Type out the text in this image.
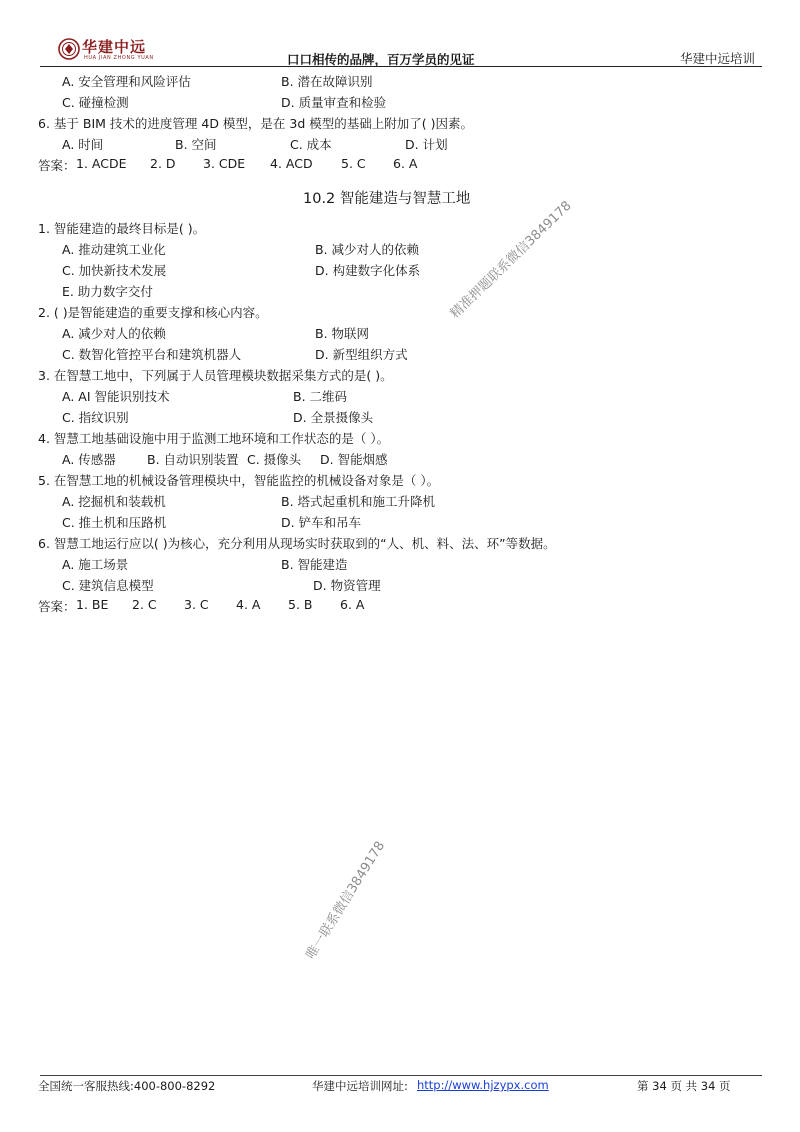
华建中远
HUA JIAN ZHONG YUAN	口口相传的品牌，百万学员的见证	华建中远培训
A. 安全管理和风险评估	B. 潜在故障识别
C. 碰撞检测	D. 质量审查和检验
6. 基于 BIM 技术的进度管理 4D 模型，是在 3d 模型的基础上附加了( )因素。
A. 时间	B. 空间	C. 成本	D. 计划
答案： 1. ACDE 2. D 3. CDE 4. ACD 5. C 6. A
10.2 智能建造与智慧工地
1. 智能建造的最终目标是( )。
A. 推动建筑工业化	B. 减少对人的依赖
C. 加快新技术发展	D. 构建数字化体系
E. 助力数字交付
2. ( )是智能建造的重要支撑和核心内容。
A. 减少对人的依赖	B. 物联网
C. 数智化管控平台和建筑机器人	D. 新型组织方式
3. 在智慧工地中，下列属于人员管理模块数据采集方式的是( )。
A. AI 智能识别技术	B. 二维码
C. 指纹识别	D. 全景摄像头
4. 智慧工地基础设施中用于监测工地环境和工作状态的是（ ）。
A. 传感器 B. 自动识别装置 C. 摄像头 D. 智能烟感
5. 在智慧工地的机械设备管理模块中，智能监控的机械设备对象是（ ）。
A. 挖掘机和装载机	B. 塔式起重机和施工升降机
C. 推土机和压路机	D. 铲车和吊车
6. 智慧工地运行应以( )为核心，充分利用从现场实时获取到的“人、机、料、法、环”等数据。
A. 施工场景	B. 智能建造
C. 建筑信息模型	D. 物资管理
答案： 1. BE 2. C 3. C 4. A 5. B 6. A
精准押题联系微信3849178
唯一联系微信3849178
全国统一客服热线:400-800-8292	华建中远培训网址: http://www.hjzypx.com	第 34 页 共 34 页
